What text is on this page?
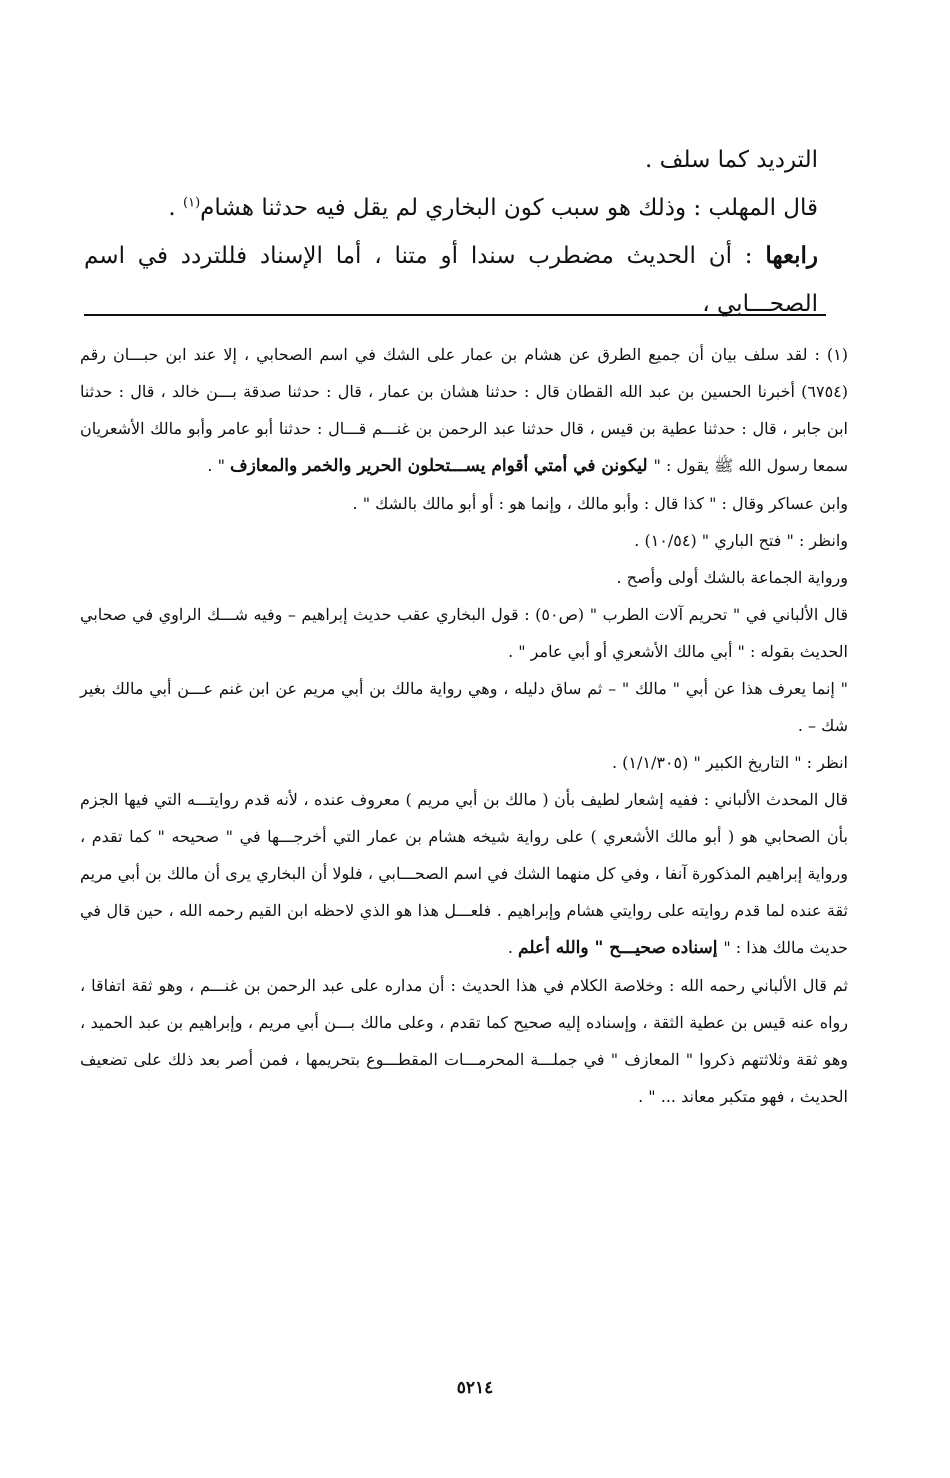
الترديد كما سلف .

قال المهلب : وذلك هو سبب كون البخاري لم يقل فيه حدثنا هشام$^{(١)}$ .

رابعها : أن الحديث مضطرب سندا أو متنا ، أما الإسناد فللتردد في اسم الصحـــابي ،

(١) : لقد سلف بيان أن جميع الطرق عن هشام بن عمار على الشك في اسم الصحابي ، إلا عند ابن حبـــان رقم (٦٧٥٤) أخبرنا الحسين بن عبد الله القطان قال : حدثنا هشان بن عمار ، قال : حدثنا صدقة بـــن خالد ، قال : حدثنا ابن جابر ، قال : حدثنا عطية بن قيس ، قال حدثنا عبد الرحمن بن غنـــم قـــال : حدثنا أبو عامر وأبو مالك الأشعريان سمعا رسول الله ﷺ يقول : " ليكونن في أمتي أقوام يســـتحلون الحرير والخمر والمعازف " .

وابن عساكر وقال : " كذا قال : وأبو مالك ، وإنما هو : أو أبو مالك بالشك " .

وانظر : " فتح الباري " (١٠/٥٤) .

ورواية الجماعة بالشك أولى وأصح .

قال الألباني في " تحريم آلات الطرب " (ص٥٠) : قول البخاري عقب حديث إبراهيم – وفيه شـــك الراوي في صحابي الحديث بقوله : " أبي مالك الأشعري أو أبي عامر " .

" إنما يعرف هذا عن أبي " مالك " – ثم ساق دليله ، وهي رواية مالك بن أبي مريم عن ابن غنم عـــن أبي مالك بغير شك – .

انظر : " التاريخ الكبير " (١/١/٣٠٥) .

قال المحدث الألباني : ففيه إشعار لطيف بأن ( مالك بن أبي مريم ) معروف عنده ، لأنه قدم روايتـــه التي فيها الجزم بأن الصحابي هو ( أبو مالك الأشعري ) على رواية شيخه هشام بن عمار التي أخرجـــها في " صحيحه " كما تقدم ، ورواية إبراهيم المذكورة آنفا ، وفي كل منهما الشك في اسم الصحـــابي ، فلولا أن البخاري يرى أن مالك بن أبي مريم ثقة عنده لما قدم روايته على روايتي هشام وإبراهيم . فلعـــل هذا هو الذي لاحظه ابن القيم رحمه الله ، حين قال في حديث مالك هذا : " إسناده صحيـــح " والله أعلم .

ثم قال الألباني رحمه الله : وخلاصة الكلام في هذا الحديث : أن مداره على عبد الرحمن بن غنـــم ، وهو ثقة اتفاقا ، رواه عنه قيس بن عطية الثقة ، وإسناده إليه صحيح كما تقدم ، وعلى مالك بـــن أبي مريم ، وإبراهيم بن عبد الحميد ، وهو ثقة وثلاثتهم ذكروا " المعازف " في جملـــة المحرمـــات المقطـــوع بتحريمها ، فمن أصر بعد ذلك على تضعيف الحديث ، فهو متكبر معاند ... " .

٥٢١٤
